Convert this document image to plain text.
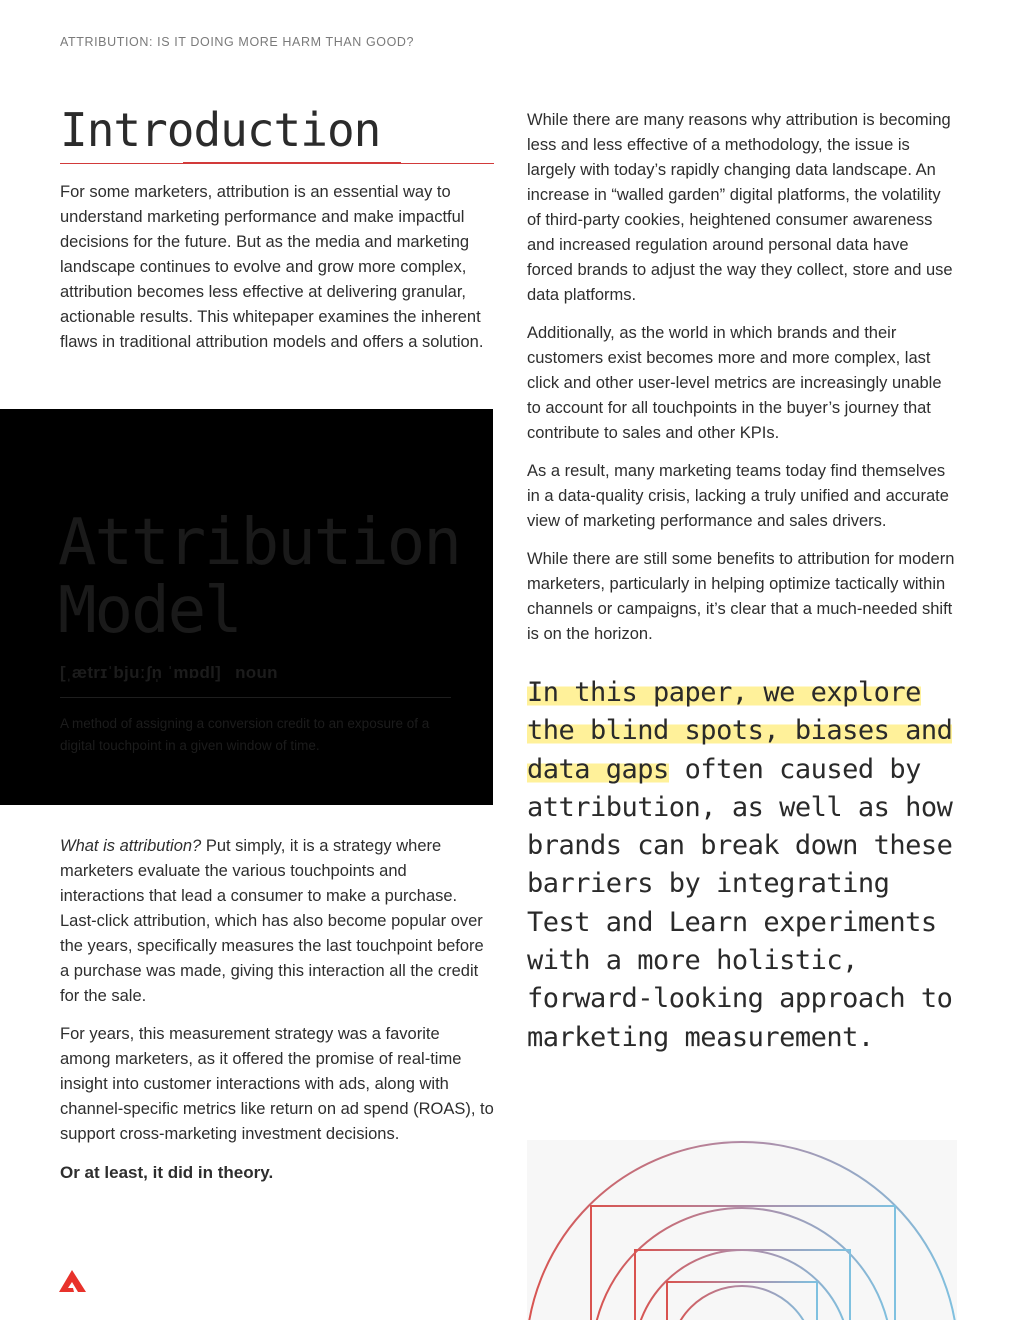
ATTRIBUTION: IS IT DOING MORE HARM THAN GOOD?
Introduction

For some marketers, attribution is an essential way to understand marketing performance and make impactful decisions for the future. But as the media and marketing landscape continues to evolve and grow more complex, attribution becomes less effective at delivering granular, actionable results. This whitepaper examines the inherent flaws in traditional attribution models and offers a solution.

Attribution
Model
[ˌætrɪˈbjuːʃn̩ ˈmɒdl] noun
A method of assigning a conversion credit to an exposure of a digital touchpoint in a given window of time.

What is attribution? Put simply, it is a strategy where marketers evaluate the various touchpoints and interactions that lead a consumer to make a purchase. Last-click attribution, which has also become popular over the years, specifically measures the last touchpoint before a purchase was made, giving this interaction all the credit for the sale.

For years, this measurement strategy was a favorite among marketers, as it offered the promise of real-time insight into customer interactions with ads, along with channel-specific metrics like return on ad spend (ROAS), to support cross-marketing investment decisions.

Or at least, it did in theory.

While there are many reasons why attribution is becoming less and less effective of a methodology, the issue is largely with today’s rapidly changing data landscape. An increase in “walled garden” digital platforms, the volatility of third-party cookies, heightened consumer awareness and increased regulation around personal data have forced brands to adjust the way they collect, store and use data platforms.

Additionally, as the world in which brands and their customers exist becomes more and more complex, last click and other user-level metrics are increasingly unable to account for all touchpoints in the buyer’s journey that contribute to sales and other KPIs.

As a result, many marketing teams today find themselves in a data-quality crisis, lacking a truly unified and accurate view of marketing performance and sales drivers.

While there are still some benefits to attribution for modern marketers, particularly in helping optimize tactically within channels or campaigns, it’s clear that a much-needed shift is on the horizon.

In this paper, we explore the blind spots, biases and data gaps often caused by attribution, as well as how brands can break down these barriers by integrating Test and Learn experiments with a more holistic, forward-looking approach to marketing measurement.
